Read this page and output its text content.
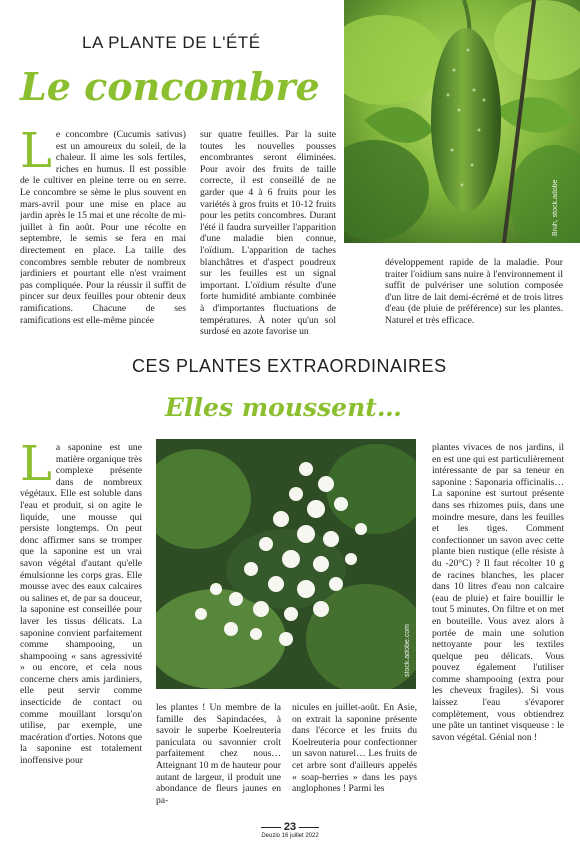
LA PLANTE DE L'ÉTÉ
Le concombre
Bruh, stock.adobe
L e concombre (Cucumis sativus) est un amoureux du soleil, de la chaleur. Il aime les sols fertiles, riches en humus. Il est possible de le cultiver en pleine terre ou en serre. Le concombre se sème le plus souvent en mars-avril pour une mise en place au jardin après le 15 mai et une récolte de mi-juillet à fin août. Pour une récolte en septembre, le semis se fera en mai directement en place. La taille des concombres semble rebuter de nombreux jardiniers et pourtant elle n'est vraiment pas compliquée. Pour la réussir il suffit de pincer sur deux feuilles pour obtenir deux ramifications. Chacune de ses ramifications est elle-même pincée
sur quatre feuilles. Par la suite toutes les nouvelles pousses encombrantes seront éliminées. Pour avoir des fruits de taille correcte, il est conseillé de ne garder que 4 à 6 fruits pour les variétés à gros fruits et 10-12 fruits pour les petits concombres. Durant l'été il faudra surveiller l'apparition d'une maladie bien connue, l'oïdium. L'apparition de taches blanchâtres et d'aspect poudreux sur les feuilles est un signal important. L'oïdium résulte d'une forte humidité ambiante combinée à d'importantes fluctuations de températures. À noter qu'un sol surdosé en azote favorise un
développement rapide de la maladie. Pour traiter l'oïdium sans nuire à l'environnement il suffit de pulvériser une solution composée d'un litre de lait demi-écrémé et de trois litres d'eau (de pluie de préférence) sur les plantes. Naturel et très efficace.
CES PLANTES EXTRAORDINAIRES
Elles moussent…
stock.adobe.com
L a saponine est une matière organique très complexe présente dans de nombreux végétaux. Elle est soluble dans l'eau et produit, si on agite le liquide, une mousse qui persiste longtemps. On peut donc affirmer sans se tromper que la saponine est un vrai savon végétal d'autant qu'elle émulsionne les corps gras. Elle mousse avec des eaux calcaires ou salines et, de par sa douceur, la saponine est conseillée pour laver les tissus délicats. La saponine convient parfaitement comme shampooing, un shampooing « sans agressivité » ou encore, et cela nous concerne chers amis jardiniers, elle peut servir comme insecticide de contact ou comme mouillant lorsqu'on utilise, par exemple, une macération d'orties. Notons que la saponine est totalement inoffensive pour
les plantes ! Un membre de la famille des Sapindacées, à savoir le superbe Koelreuteria paniculata ou savonnier croît parfaitement chez nous… Atteignant 10 m de hauteur pour autant de largeur, il produit une abondance de fleurs jaunes en pa-
nicules en juillet-août. En Asie, on extrait la saponine présente dans l'écorce et les fruits du Koelreuteria pour confectionner un savon naturel… Les fruits de cet arbre sont d'ailleurs appelés « soap-berries » dans les pays anglophones ! Parmi les
plantes vivaces de nos jardins, il en est une qui est particulièrement intéressante de par sa teneur en saponine : Saponaria officinalis… La saponine est surtout présente dans ses rhizomes puis, dans une moindre mesure, dans les feuilles et les tiges. Comment confectionner un savon avec cette plante bien rustique (elle résiste à du -20°C) ? Il faut récolter 10 g de racines blanches, les placer dans 10 litres d'eau non calcaire (eau de pluie) et faire bouillir le tout 5 minutes. On filtre et on met en bouteille. Vous avez alors à portée de main une solution nettoyante pour les textiles quelque peu délicats. Vous pouvez également l'utiliser comme shampooing (extra pour les cheveux fragiles). Si vous laissez l'eau s'évaporer complètement, vous obtiendrez une pâte un tantinet visqueuse : le savon végétal. Génial non !
23
Deuzio 16 juillet 2022
